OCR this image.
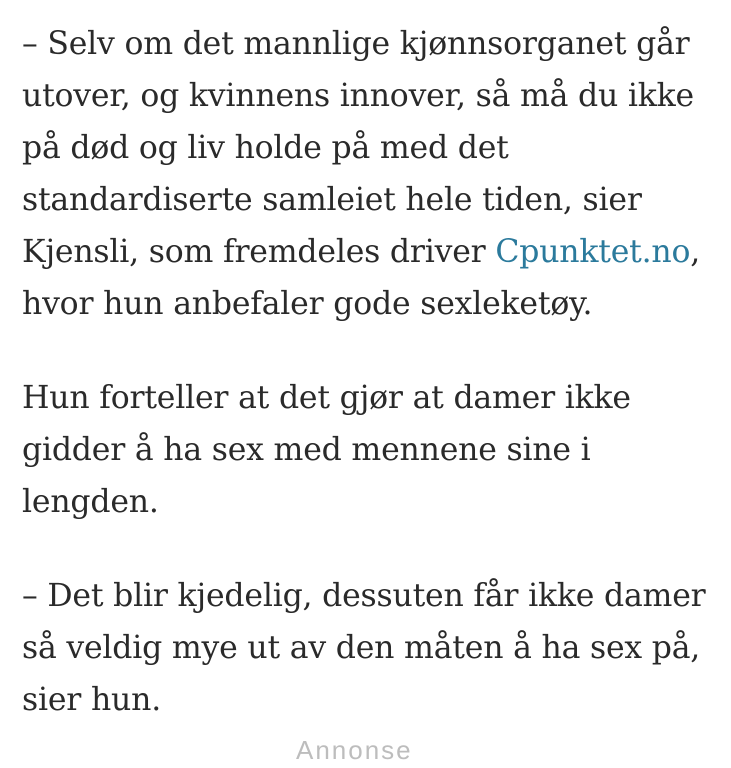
– Selv om det mannlige kjønnsorganet går utover, og kvinnens innover, så må du ikke på død og liv holde på med det standardiserte samleiet hele tiden, sier Kjensli, som fremdeles driver Cpunktet.no, hvor hun anbefaler gode sexleketøy.

Hun forteller at det gjør at damer ikke gidder å ha sex med mennene sine i lengden.

– Det blir kjedelig, dessuten får ikke damer så veldig mye ut av den måten å ha sex på, sier hun.

Annonse
